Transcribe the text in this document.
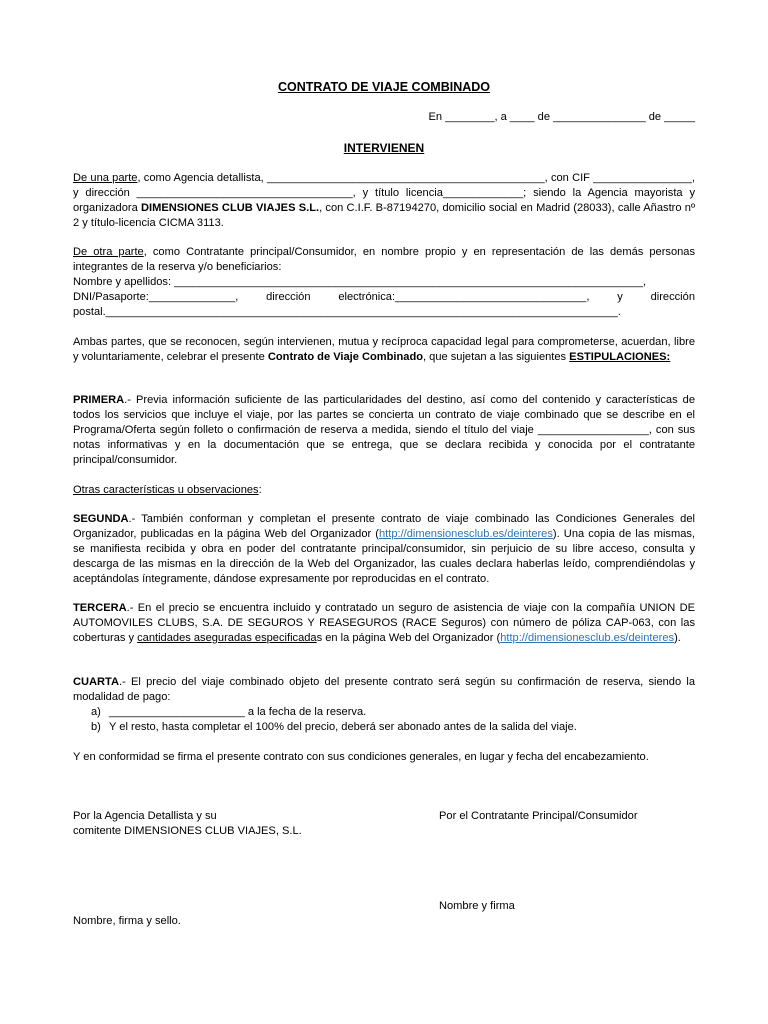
CONTRATO DE VIAJE COMBINADO
En ________, a ____ de _______________ de _____
INTERVIENEN

De una parte, como Agencia detallista, _____________________________________________, con CIF ________________, y dirección ___________________________________, y título licencia_____________; siendo la Agencia mayorista y organizadora DIMENSIONES CLUB VIAJES S.L., con C.I.F. B-87194270, domicilio social en Madrid (28033), calle Añastro nº 2 y título-licencia CICMA 3113.

De otra parte, como Contratante principal/Consumidor, en nombre propio y en representación de las demás personas integrantes de la reserva y/o beneficiarios:

Nombre y apellidos: ____________________________________________________________________________,

DNI/Pasaporte:______________, dirección electrónica:_______________________________, y dirección postal.___________________________________________________________________________________.

Ambas partes, que se reconocen, según intervienen, mutua y recíproca capacidad legal para comprometerse, acuerdan, libre y voluntariamente, celebrar el presente Contrato de Viaje Combinado, que sujetan a las siguientes ESTIPULACIONES:

PRIMERA.- Previa información suficiente de las particularidades del destino, así como del contenido y características de todos los servicios que incluye el viaje, por las partes se concierta un contrato de viaje combinado que se describe en el Programa/Oferta según folleto o confirmación de reserva a medida, siendo el título del viaje __________________, con sus notas informativas y en la documentación que se entrega, que se declara recibida y conocida por el contratante principal/consumidor.

Otras características u observaciones:

SEGUNDA.- También conforman y completan el presente contrato de viaje combinado las Condiciones Generales del Organizador, publicadas en la página Web del Organizador (http://dimensionesclub.es/deinteres). Una copia de las mismas, se manifiesta recibida y obra en poder del contratante principal/consumidor, sin perjuicio de su libre acceso, consulta y descarga de las mismas en la dirección de la Web del Organizador, las cuales declara haberlas leído, comprendiéndolas y aceptándolas íntegramente, dándose expresamente por reproducidas en el contrato.

TERCERA.- En el precio se encuentra incluido y contratado un seguro de asistencia de viaje con la compañía UNION DE AUTOMOVILES CLUBS, S.A. DE SEGUROS Y REASEGUROS (RACE Seguros) con número de póliza CAP-063, con las coberturas y cantidades aseguradas especificadas en la página Web del Organizador (http://dimensionesclub.es/deinteres).

CUARTA.- El precio del viaje combinado objeto del presente contrato será según su confirmación de reserva, siendo la modalidad de pago:
a) ______________________ a la fecha de la reserva.
b) Y el resto, hasta completar el 100% del precio, deberá ser abonado antes de la salida del viaje.

Y en conformidad se firma el presente contrato con sus condiciones generales, en lugar y fecha del encabezamiento.

Por la Agencia Detallista y su
comitente DIMENSIONES CLUB VIAJES, S.L.
Por el Contratante Principal/Consumidor
Nombre y firma
Nombre, firma y sello.
